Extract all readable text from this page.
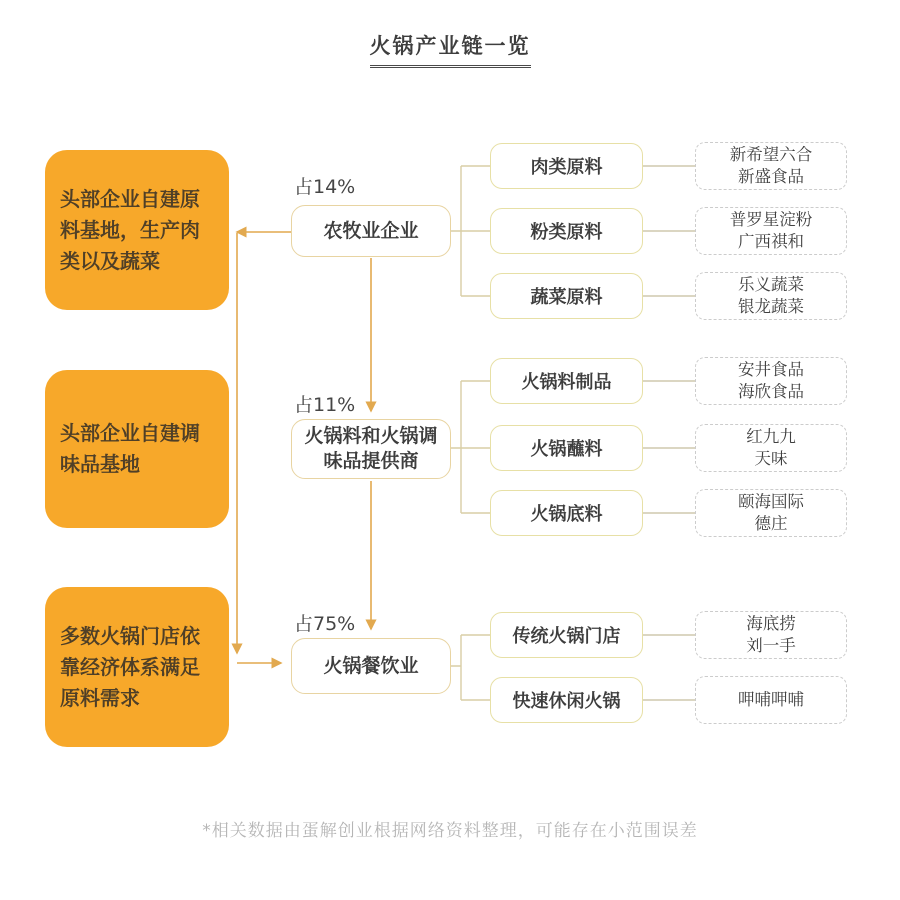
火锅产业链一览
头部企业自建原料基地，生产肉类以及蔬菜
头部企业自建调味品基地
多数火锅门店依靠经济体系满足原料需求
占14%
占11%
占75%
农牧业企业
火锅料和火锅调味品提供商
火锅餐饮业
肉类原料
粉类原料
蔬菜原料
火锅料制品
火锅蘸料
火锅底料
传统火锅门店
快速休闲火锅
新希望六合
新盛食品
普罗星淀粉
广西祺和
乐义蔬菜
银龙蔬菜
安井食品
海欣食品
红九九
天味
颐海国际
德庄
海底捞
刘一手
呷哺呷哺
*相关数据由蛋解创业根据网络资料整理，可能存在小范围误差
